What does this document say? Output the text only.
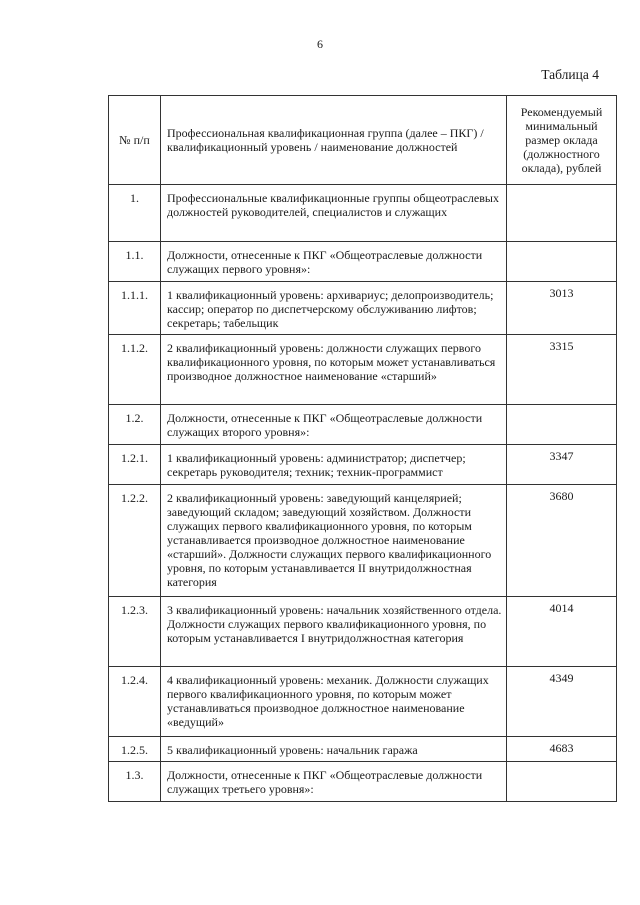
6
Таблица 4
№ п/п	Профессиональная квалификационная группа (далее – ПКГ) / квалификационный уровень / наименование должностей	Рекомендуемый минимальный размер оклада (должностного оклада), рублей
1.	Профессиональные квалификационные группы общеотраслевых должностей руководителей, специалистов и служащих	
1.1.	Должности, отнесенные к ПКГ «Общеотраслевые должности служащих первого уровня»:	
1.1.1.	1 квалификационный уровень: архивариус; делопроизводитель; кассир; оператор по диспетчерскому обслуживанию лифтов; секретарь; табельщик	3013
1.1.2.	2 квалификационный уровень: должности служащих первого квалификационного уровня, по которым может устанавливаться производное должностное наименование «старший»	3315
1.2.	Должности, отнесенные к ПКГ «Общеотраслевые должности служащих второго уровня»:	
1.2.1.	1 квалификационный уровень: администратор; диспетчер; секретарь руководителя; техник; техник-программист	3347
1.2.2.	2 квалификационный уровень: заведующий канцелярией; заведующий складом; заведующий хозяйством. Должности служащих первого квалификационного уровня, по которым устанавливается производное должностное наименование «старший». Должности служащих первого квалификационного уровня, по которым устанавливается II внутридолжностная категория	3680
1.2.3.	3 квалификационный уровень: начальник хозяйственного отдела. Должности служащих первого квалификационного уровня, по которым устанавливается I внутридолжностная категория	4014
1.2.4.	4 квалификационный уровень: механик. Должности служащих первого квалификационного уровня, по которым может устанавливаться производное должностное наименование «ведущий»	4349
1.2.5.	5 квалификационный уровень: начальник гаража	4683
1.3.	Должности, отнесенные к ПКГ «Общеотраслевые должности служащих третьего уровня»:	
